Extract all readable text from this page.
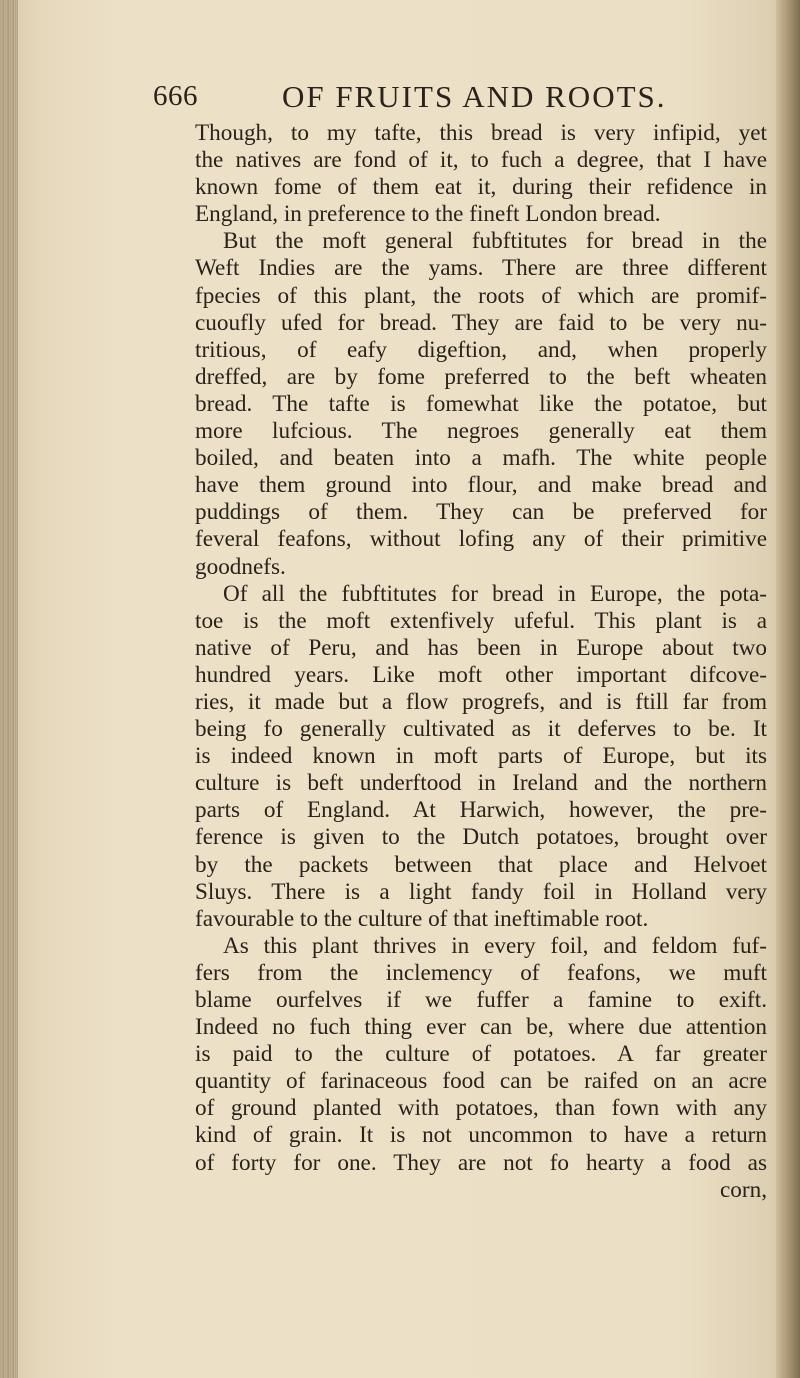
666	OF FRUITS AND ROOTS.
Though, to my tafte, this bread is very infipid, yet
the natives are fond of it, to fuch a degree, that I have
known fome of them eat it, during their refidence in
England, in preference to the fineft London bread.
But the moft general fubftitutes for bread in the
Weft Indies are the yams. There are three different
fpecies of this plant, the roots of which are promif-
cuoufly ufed for bread. They are faid to be very nu-
tritious, of eafy digeftion, and, when properly
dreffed, are by fome preferred to the beft wheaten
bread. The tafte is fomewhat like the potatoe, but
more lufcious. The negroes generally eat them
boiled, and beaten into a mafh. The white people
have them ground into flour, and make bread and
puddings of them. They can be preferved for
feveral feafons, without lofing any of their primitive
goodnefs.
Of all the fubftitutes for bread in Europe, the pota-
toe is the moft extenfively ufeful. This plant is a
native of Peru, and has been in Europe about two
hundred years. Like moft other important difcove-
ries, it made but a flow progrefs, and is ftill far from
being fo generally cultivated as it deferves to be. It
is indeed known in moft parts of Europe, but its
culture is beft underftood in Ireland and the northern
parts of England. At Harwich, however, the pre-
ference is given to the Dutch potatoes, brought over
by the packets between that place and Helvoet
Sluys. There is a light fandy foil in Holland very
favourable to the culture of that ineftimable root.
As this plant thrives in every foil, and feldom fuf-
fers from the inclemency of feafons, we muft
blame ourfelves if we fuffer a famine to exift.
Indeed no fuch thing ever can be, where due attention
is paid to the culture of potatoes. A far greater
quantity of farinaceous food can be raifed on an acre
of ground planted with potatoes, than fown with any
kind of grain. It is not uncommon to have a return
of forty for one. They are not fo hearty a food as
corn,
